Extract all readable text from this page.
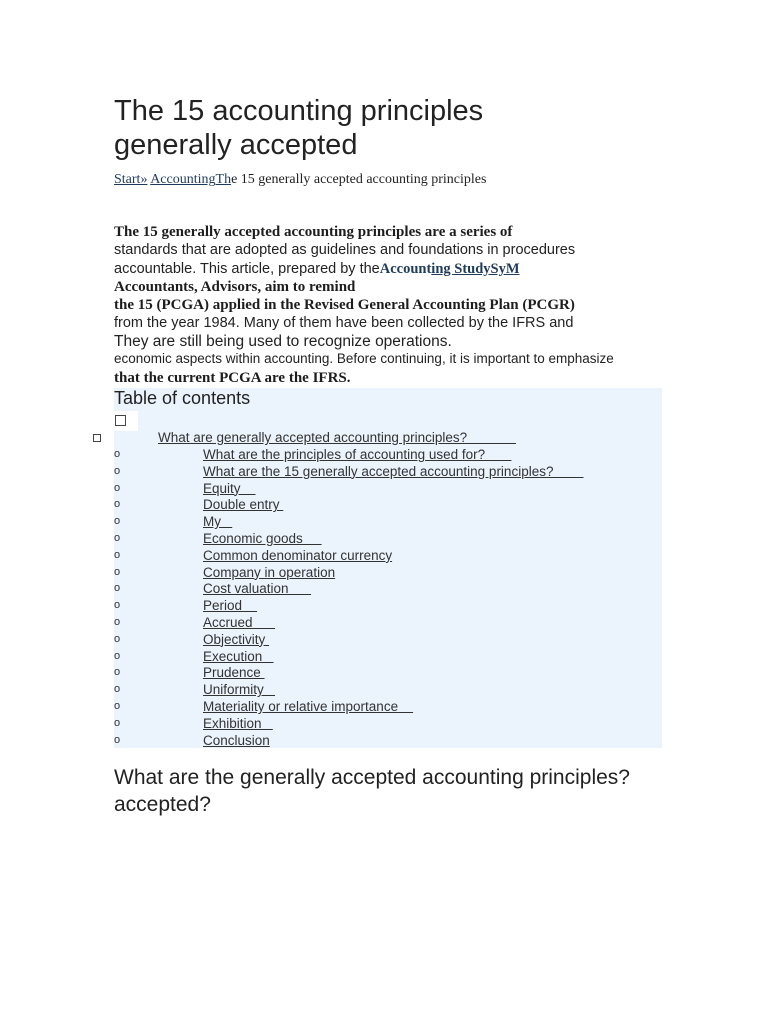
The 15 accounting principles generally accepted
Start» AccountingThe 15 generally accepted accounting principles
The 15 generally accepted accounting principles are a series of
standards that are adopted as guidelines and foundations in procedures
accountable. This article, prepared by theAccounting StudySyM
Accountants, Advisors, aim to remind
the 15 (PCGA) applied in the Revised General Accounting Plan (PCGR)
from the year 1984. Many of them have been collected by the IFRS and
They are still being used to recognize operations.
economic aspects within accounting. Before continuing, it is important to emphasize
that the current PCGA are the IFRS.
Table of contents
What are generally accepted accounting principles?
o	What are the principles of accounting used for?
o	What are the 15 generally accepted accounting principles?
o	Equity
o	Double entry
o	My
o	Economic goods
o	Common denominator currency
o	Company in operation
o	Cost valuation
o	Period
o	Accrued
o	Objectivity
o	Execution
o	Prudence
o	Uniformity
o	Materiality or relative importance
o	Exhibition
o	Conclusion
What are the generally accepted accounting principles? accepted?
